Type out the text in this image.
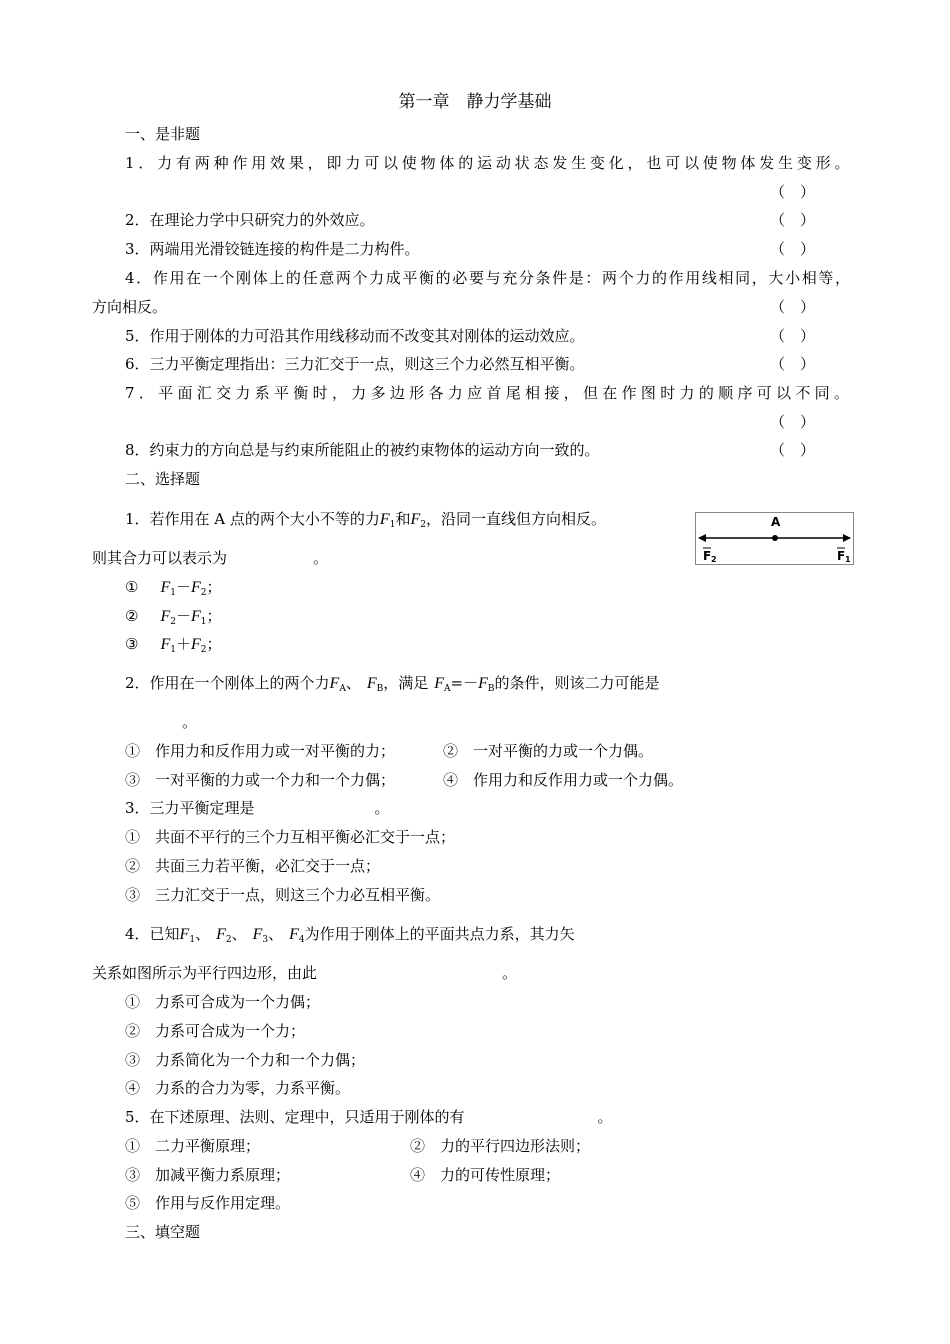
第一章　静力学基础
一、是非题
1．力有两种作用效果，即力可以使物体的运动状态发生变化，也可以使物体发生变形。
（　）
2．在理论力学中只研究力的外效应。	（　）
3．两端用光滑铰链连接的构件是二力构件。	（　）
4．作用在一个刚体上的任意两个力成平衡的必要与充分条件是：两个力的作用线相同，大小相等，
方向相反。	（　）
5．作用于刚体的力可沿其作用线移动而不改变其对刚体的运动效应。	（　）
6．三力平衡定理指出：三力汇交于一点，则这三个力必然互相平衡。	（　）
7．平面汇交力系平衡时，力多边形各力应首尾相接，但在作图时力的顺序可以不同。
（　）
8．约束力的方向总是与约束所能阻止的被约束物体的运动方向一致的。	（　）
二、选择题
1．若作用在 A 点的两个大小不等的力$F_1$和$F_2$，沿同一直线但方向相反。
则其合力可以表示为	。
A
F 2	F 1
① $F_1-F_2$；
② $F_2-F_1$；
③ $F_1+F_2$；
2．作用在一个刚体上的两个力$F_A$、 $F_B$，满足 $F_A=-F_B$的条件，则该二力可能是
。
①　作用力和反作用力或一对平衡的力；	②　一对平衡的力或一个力偶。
③　一对平衡的力或一个力和一个力偶；	④　作用力和反作用力或一个力偶。
3．三力平衡定理是	。
①　共面不平行的三个力互相平衡必汇交于一点；
②　共面三力若平衡，必汇交于一点；
③　三力汇交于一点，则这三个力必互相平衡。
4．已知$F_1$、 $F_2$、 $F_3$、 $F_4$为作用于刚体上的平面共点力系，其力矢
关系如图所示为平行四边形，由此	。
①　力系可合成为一个力偶；
②　力系可合成为一个力；
③　力系简化为一个力和一个力偶；
④　力系的合力为零，力系平衡。
5．在下述原理、法则、定理中，只适用于刚体的有	。
①　二力平衡原理；	②　力的平行四边形法则；
③　加减平衡力系原理；	④　力的可传性原理；
⑤　作用与反作用定理。
三、填空题
